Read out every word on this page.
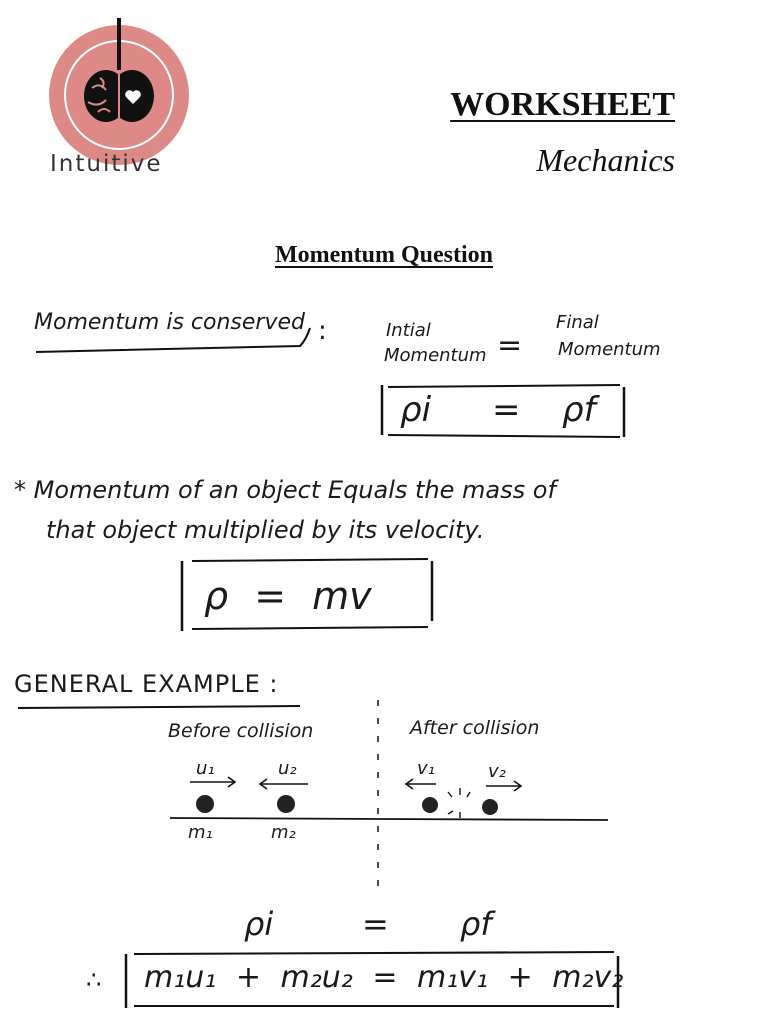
Intuitive
WORKSHEET
Mechanics
Momentum Question
Momentum is conserved :	Intial
Momentum =
Final
Momentum
ρi = ρf
* Momentum of an object Equals the mass of
that object multiplied by its velocity.
ρ = mv
GENERAL EXAMPLE :
Before collision	After collision
u₁	u₂	v₁	v₂
m₁	m₂
ρi	= ρf
∴ m₁u₁ + m₂u₂ = m₁v₁ + m₂v₂
